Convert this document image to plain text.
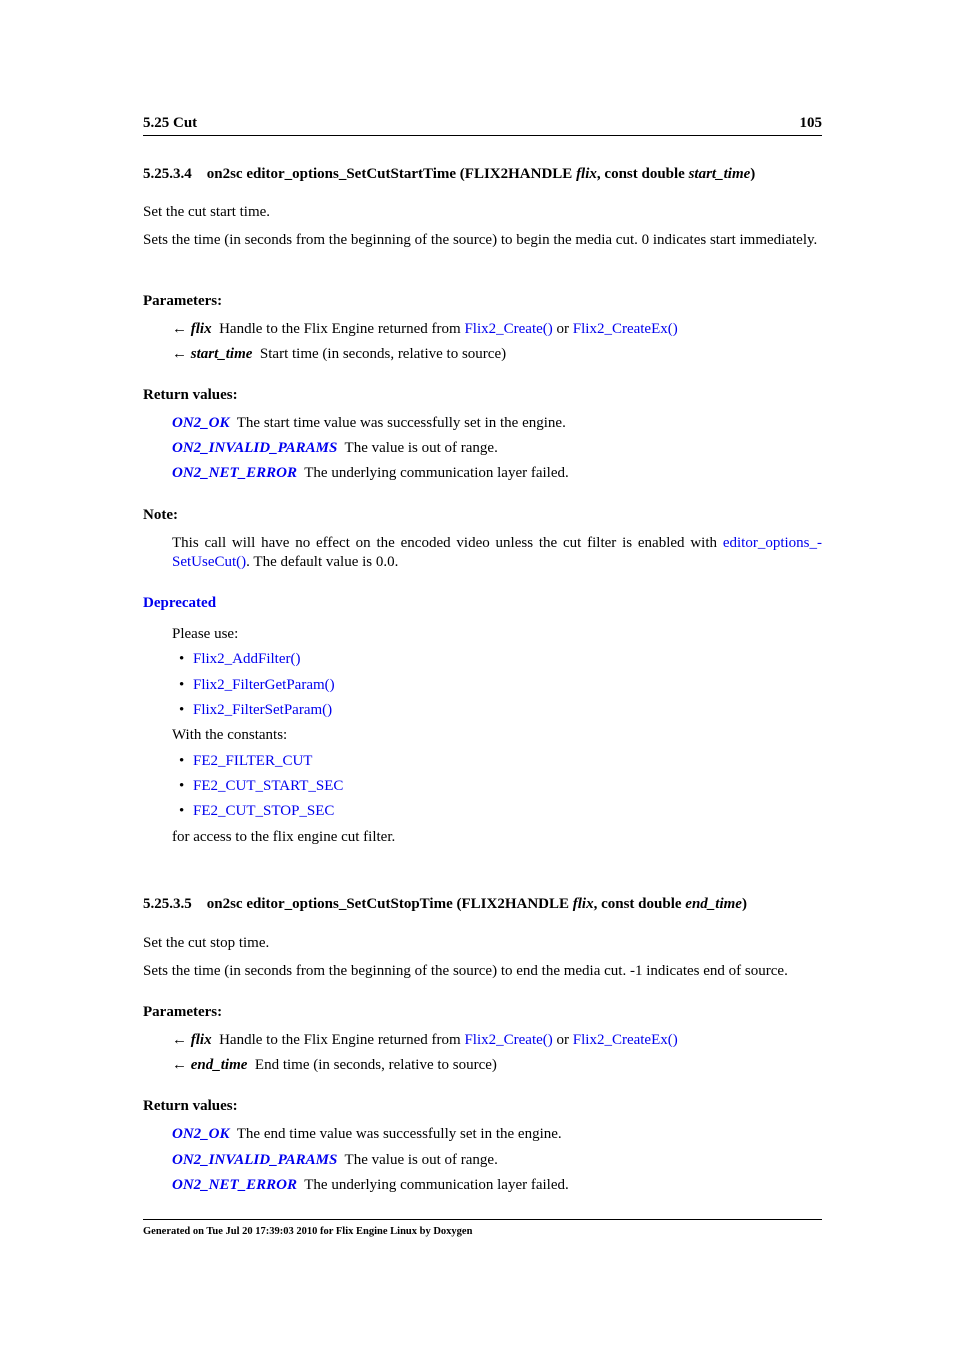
5.25 Cut	105
5.25.3.4 on2sc editor_options_SetCutStartTime (FLIX2HANDLE flix, const double start_time)
Set the cut start time.
Sets the time (in seconds from the beginning of the source) to begin the media cut. 0 indicates start immediately.
Parameters:
← flix Handle to the Flix Engine returned from Flix2_Create() or Flix2_CreateEx()
← start_time Start time (in seconds, relative to source)
Return values:
ON2_OK The start time value was successfully set in the engine.
ON2_INVALID_PARAMS The value is out of range.
ON2_NET_ERROR The underlying communication layer failed.
Note:
This call will have no effect on the encoded video unless the cut filter is enabled with editor_options_-
SetUseCut(). The default value is 0.0.
Deprecated
Please use:
• Flix2_AddFilter()
• Flix2_FilterGetParam()
• Flix2_FilterSetParam()
With the constants:
• FE2_FILTER_CUT
• FE2_CUT_START_SEC
• FE2_CUT_STOP_SEC
for access to the flix engine cut filter.
5.25.3.5 on2sc editor_options_SetCutStopTime (FLIX2HANDLE flix, const double end_time)
Set the cut stop time.
Sets the time (in seconds from the beginning of the source) to end the media cut. -1 indicates end of source.
Parameters:
← flix Handle to the Flix Engine returned from Flix2_Create() or Flix2_CreateEx()
← end_time End time (in seconds, relative to source)
Return values:
ON2_OK The end time value was successfully set in the engine.
ON2_INVALID_PARAMS The value is out of range.
ON2_NET_ERROR The underlying communication layer failed.
Generated on Tue Jul 20 17:39:03 2010 for Flix Engine Linux by Doxygen
